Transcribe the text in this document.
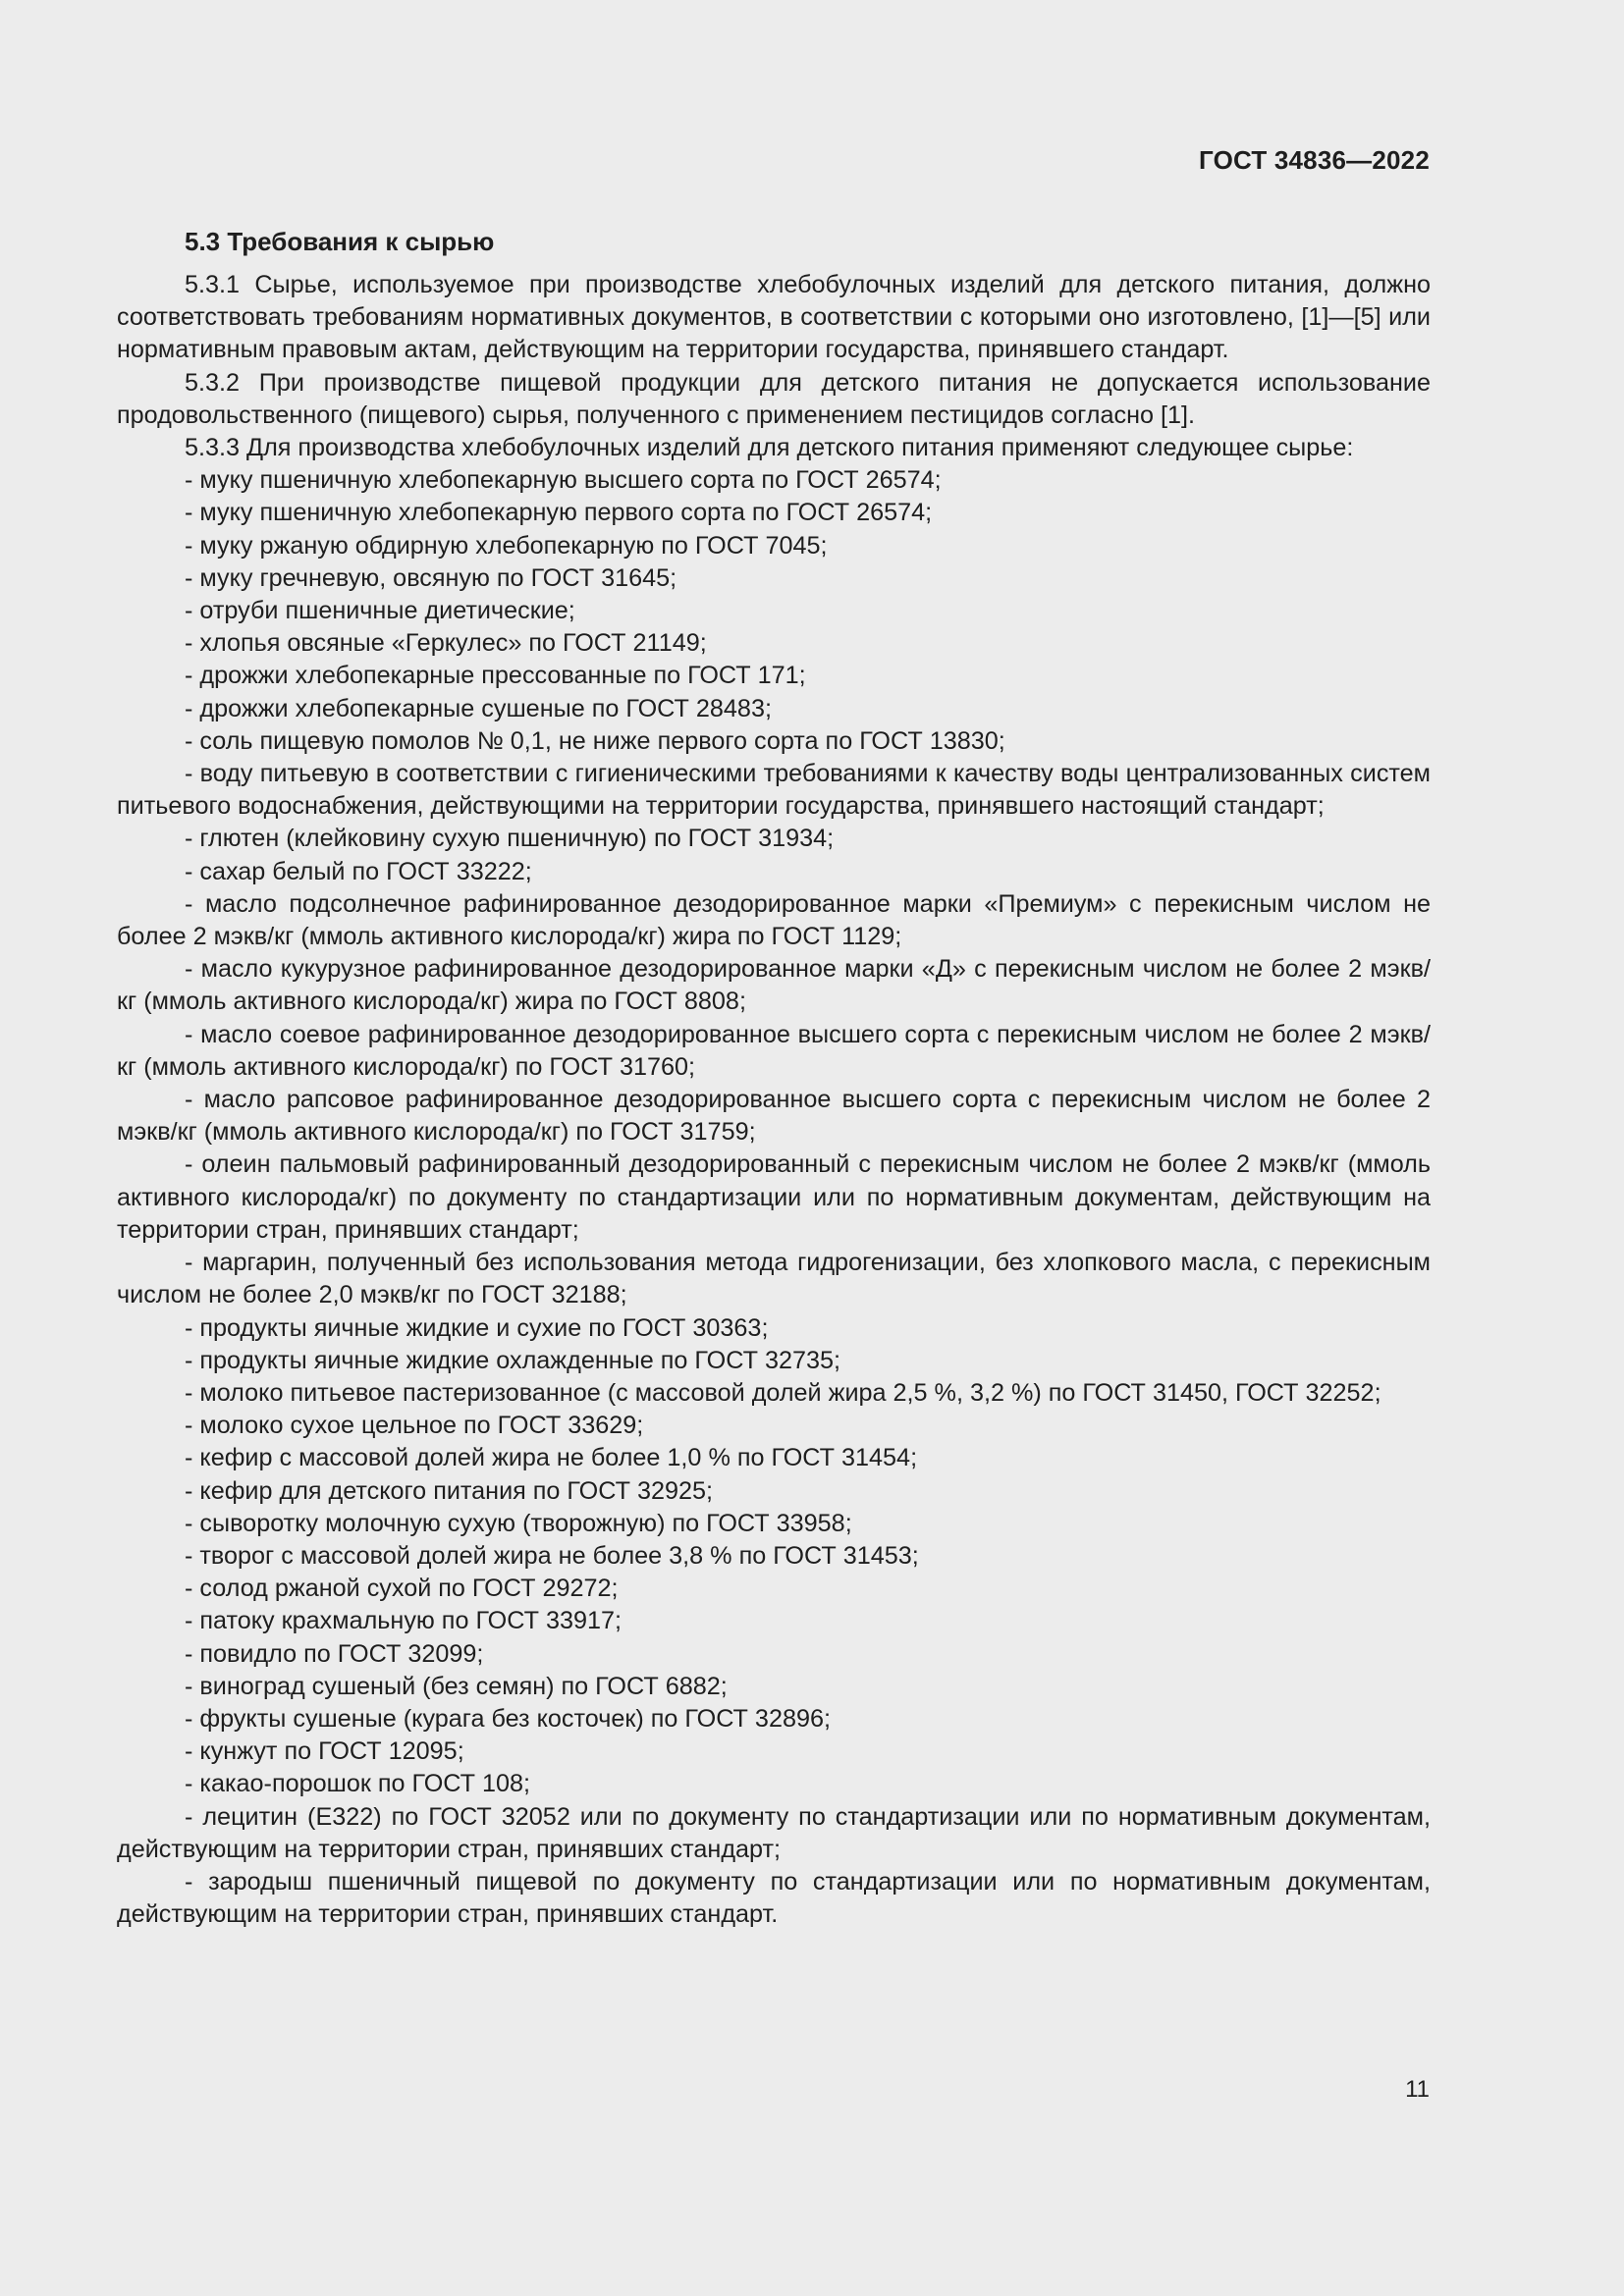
ГОСТ 34836—2022
5.3 Требования к сырью

5.3.1 Сырье, используемое при производстве хлебобулочных изделий для детского питания, должно соответствовать требованиям нормативных документов, в соответствии с которыми оно изготовлено, [1]—[5] или нормативным правовым актам, действующим на территории государства, принявшего стандарт.

5.3.2 При производстве пищевой продукции для детского питания не допускается использование продовольственного (пищевого) сырья, полученного с применением пестицидов согласно [1].

5.3.3 Для производства хлебобулочных изделий для детского питания применяют следующее сырье:

- муку пшеничную хлебопекарную высшего сорта по ГОСТ 26574;
- муку пшеничную хлебопекарную первого сорта по ГОСТ 26574;
- муку ржаную обдирную хлебопекарную по ГОСТ 7045;
- муку гречневую, овсяную по ГОСТ 31645;
- отруби пшеничные диетические;
- хлопья овсяные «Геркулес» по ГОСТ 21149;
- дрожжи хлебопекарные прессованные по ГОСТ 171;
- дрожжи хлебопекарные сушеные по ГОСТ 28483;
- соль пищевую помолов № 0,1, не ниже первого сорта по ГОСТ 13830;
- воду питьевую в соответствии с гигиеническими требованиями к качеству воды централизованных систем питьевого водоснабжения, действующими на территории государства, принявшего настоящий стандарт;
- глютен (клейковину сухую пшеничную) по ГОСТ 31934;
- сахар белый по ГОСТ 33222;
- масло подсолнечное рафинированное дезодорированное марки «Премиум» с перекисным числом не более 2 мэкв/кг (ммоль активного кислорода/кг) жира по ГОСТ 1129;
- масло кукурузное рафинированное дезодорированное марки «Д» с перекисным числом не более 2 мэкв/кг (ммоль активного кислорода/кг) жира по ГОСТ 8808;
- масло соевое рафинированное дезодорированное высшего сорта с перекисным числом не более 2 мэкв/кг (ммоль активного кислорода/кг) по ГОСТ 31760;
- масло рапсовое рафинированное дезодорированное высшего сорта с перекисным числом не более 2 мэкв/кг (ммоль активного кислорода/кг) по ГОСТ 31759;
- олеин пальмовый рафинированный дезодорированный с перекисным числом не более 2 мэкв/кг (ммоль активного кислорода/кг) по документу по стандартизации или по нормативным документам, действующим на территории стран, принявших стандарт;
- маргарин, полученный без использования метода гидрогенизации, без хлопкового масла, с перекисным числом не более 2,0 мэкв/кг по ГОСТ 32188;
- продукты яичные жидкие и сухие по ГОСТ 30363;
- продукты яичные жидкие охлажденные по ГОСТ 32735;
- молоко питьевое пастеризованное (с массовой долей жира 2,5 %, 3,2 %) по ГОСТ 31450, ГОСТ 32252;
- молоко сухое цельное по ГОСТ 33629;
- кефир с массовой долей жира не более 1,0 % по ГОСТ 31454;
- кефир для детского питания по ГОСТ 32925;
- сыворотку молочную сухую (творожную) по ГОСТ 33958;
- творог с массовой долей жира не более 3,8 % по ГОСТ 31453;
- солод ржаной сухой по ГОСТ 29272;
- патоку крахмальную по ГОСТ 33917;
- повидло по ГОСТ 32099;
- виноград сушеный (без семян) по ГОСТ 6882;
- фрукты сушеные (курага без косточек) по ГОСТ 32896;
- кунжут по ГОСТ 12095;
- какао-порошок по ГОСТ 108;
- лецитин (Е322) по ГОСТ 32052 или по документу по стандартизации или по нормативным документам, действующим на территории стран, принявших стандарт;
- зародыш пшеничный пищевой по документу по стандартизации или по нормативным документам, действующим на территории стран, принявших стандарт.
11
